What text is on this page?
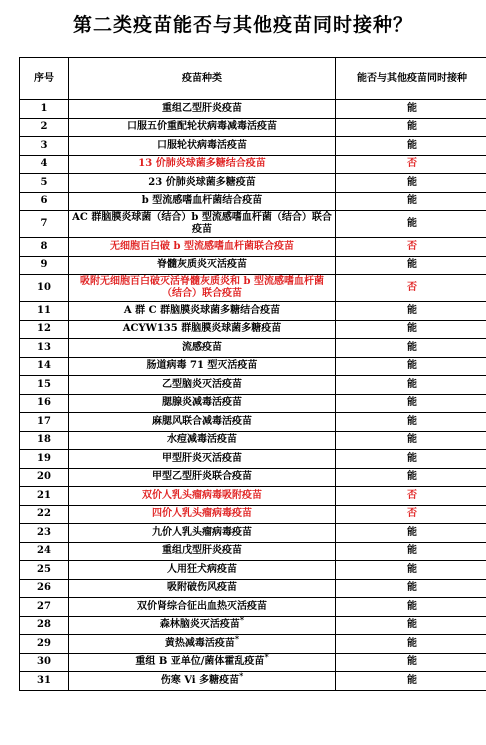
第二类疫苗能否与其他疫苗同时接种？
序号	疫苗种类	能否与其他疫苗同时接种
1	重组乙型肝炎疫苗	能
2	口服五价重配轮状病毒减毒活疫苗	能
3	口服轮状病毒活疫苗	能
4	13 价肺炎球菌多糖结合疫苗	否
5	23 价肺炎球菌多糖疫苗	能
6	b 型流感嗜血杆菌结合疫苗	能
7	AC 群脑膜炎球菌（结合）b 型流感嗜血杆菌（结合）联合疫苗	能
8	无细胞百白破 b 型流感嗜血杆菌联合疫苗	否
9	脊髓灰质炎灭活疫苗	能
10	吸附无细胞百白破灭活脊髓灰质炎和 b 型流感嗜血杆菌（结合）联合疫苗	否
11	A 群 C 群脑膜炎球菌多糖结合疫苗	能
12	ACYW135 群脑膜炎球菌多糖疫苗	能
13	流感疫苗	能
14	肠道病毒 71 型灭活疫苗	能
15	乙型脑炎灭活疫苗	能
16	腮腺炎减毒活疫苗	能
17	麻腮风联合减毒活疫苗	能
18	水痘减毒活疫苗	能
19	甲型肝炎灭活疫苗	能
20	甲型乙型肝炎联合疫苗	能
21	双价人乳头瘤病毒吸附疫苗	否
22	四价人乳头瘤病毒疫苗	否
23	九价人乳头瘤病毒疫苗	能
24	重组戊型肝炎疫苗	能
25	人用狂犬病疫苗	能
26	吸附破伤风疫苗	能
27	双价肾综合征出血热灭活疫苗	能
28	森林脑炎灭活疫苗*	能
29	黄热减毒活疫苗*	能
30	重组 B 亚单位/菌体霍乱疫苗*	能
31	伤寒 Vi 多糖疫苗*	能
